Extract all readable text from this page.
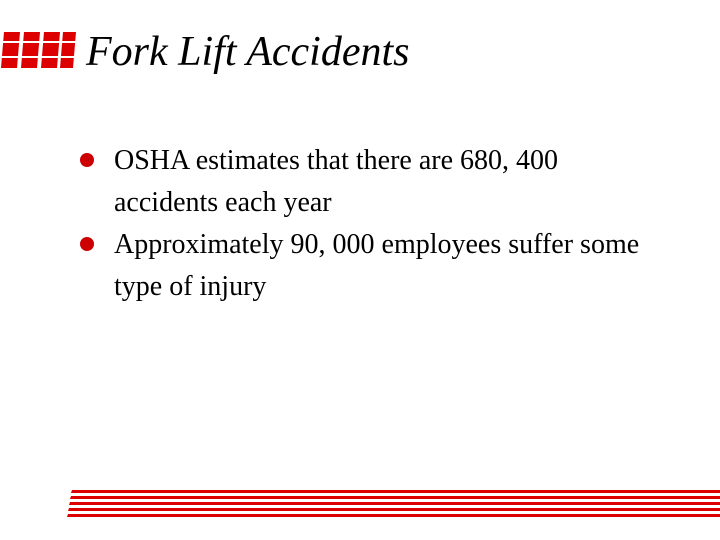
Fork Lift Accidents
OSHA estimates that there are 680, 400 accidents each year
Approximately 90, 000 employees suffer some type of injury
